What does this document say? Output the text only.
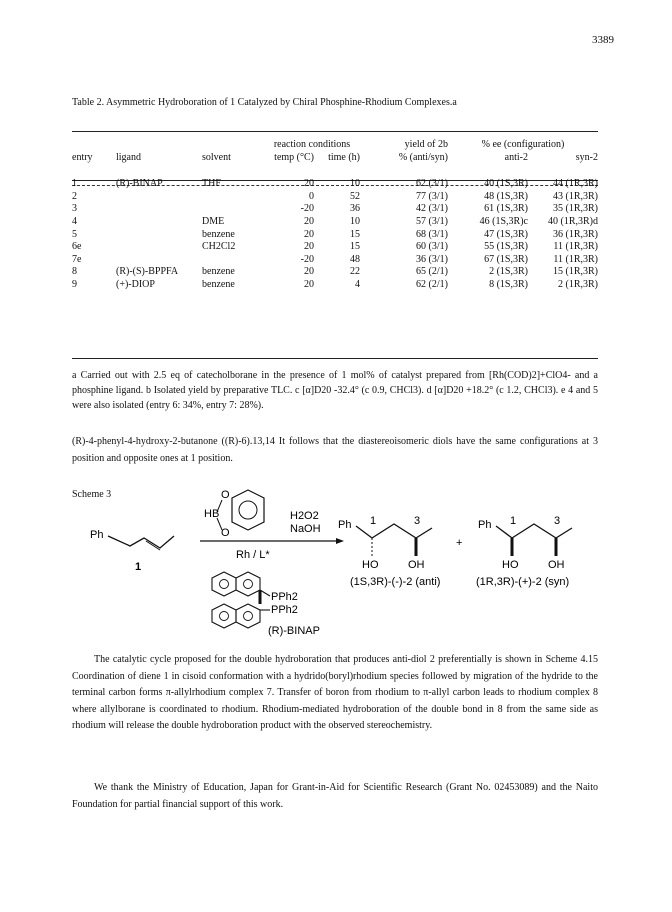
3389
Table 2. Asymmetric Hydroboration of 1 Catalyzed by Chiral Phosphine-Rhodium Complexes.a
			reaction conditions		yield of 2b	% ee (configuration)	
entry	ligand	solvent	temp (°C)	time (h)	% (anti/syn)	anti-2	syn-2

1	(R)-BINAP	THF	20	10	62 (3/1)	40 (1S,3R)	44 (1R,3R)
2			0	52	77 (3/1)	48 (1S,3R)	43 (1R,3R)
3			-20	36	42 (3/1)	61 (1S,3R)	35 (1R,3R)
4		DME	20	10	57 (3/1)	46 (1S,3R)c	40 (1R,3R)d
5		benzene	20	15	68 (3/1)	47 (1S,3R)	36 (1R,3R)
6e		CH2Cl2	20	15	60 (3/1)	55 (1S,3R)	11 (1R,3R)
7e			-20	48	36 (3/1)	67 (1S,3R)	11 (1R,3R)
8	(R)-(S)-BPPFA	benzene	20	22	65 (2/1)	2 (1S,3R)	15 (1R,3R)
9	(+)-DIOP	benzene	20	4	62 (2/1)	8 (1S,3R)	2 (1R,3R)
a Carried out with 2.5 eq of catecholborane in the presence of 1 mol% of catalyst prepared from [Rh(COD)2]+ClO4- and a phosphine ligand. b Isolated yield by preparative TLC. c [α]D20 -32.4° (c 0.9, CHCl3). d [α]D20 +18.2° (c 1.2, CHCl3). e 4 and 5 were also isolated (entry 6: 34%, entry 7: 28%).
(R)-4-phenyl-4-hydroxy-2-butanone ((R)-6).13,14 It follows that the diastereoisomeric diols have the same configurations at 3 position and opposite ones at 1 position.
Scheme 3
Ph
1
HB
O
O
Rh / L*
H2O2
NaOH
PPh2
PPh2
(R)-BINAP
Ph 1	3
HO	OH
(1S,3R)-(-)-2 (anti)
+
Ph 1	3
HO	OH
(1R,3R)-(+)-2 (syn)
The catalytic cycle proposed for the double hydroboration that produces anti-diol 2 preferentially is shown in Scheme 4.15 Coordination of diene 1 in cisoid conformation with a hydrido(boryl)rhodium species followed by migration of the hydride to the terminal carbon forms π-allylrhodium complex 7. Transfer of boron from rhodium to π-allyl carbon leads to rhodium complex 8 where allylborane is coordinated to rhodium. Rhodium-mediated hydroboration of the double bond in 8 from the same side as rhodium will release the double hydroboration product with the observed stereochemistry.
We thank the Ministry of Education, Japan for Grant-in-Aid for Scientific Research (Grant No. 02453089) and the Naito Foundation for partial financial support of this work.
